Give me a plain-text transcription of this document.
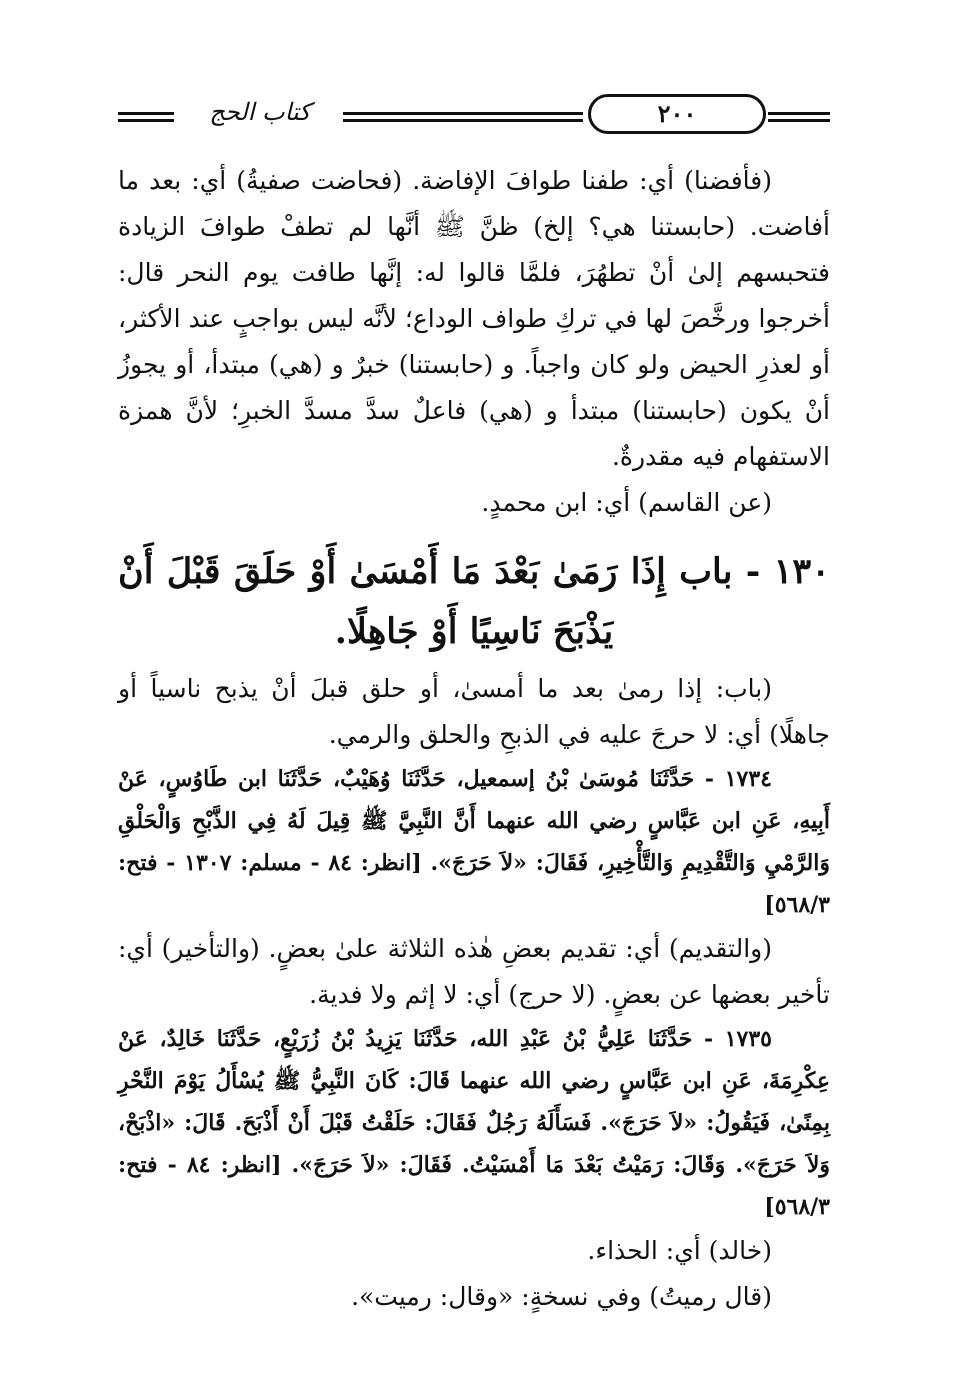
كتاب الحج	٢٠٠

(فأفضنا) أي: طفنا طوافَ الإفاضة. (فحاضت صفيةُ) أي: بعد ما أفاضت. (حابستنا هي؟ إلخ) ظنَّ ﷺ أنَّها لم تطفْ طوافَ الزيادة فتحبسهم إلىٰ أنْ تطهُرَ، فلمَّا قالوا له: إنَّها طافت يوم النحر قال: أخرجوا ورخَّصَ لها في تركِ طواف الوداع؛ لأنَّه ليس بواجبٍ عند الأكثر، أو لعذرِ الحيض ولو كان واجباً. و (حابستنا) خبرٌ و (هي) مبتدأ، أو يجوزُ أنْ يكون (حابستنا) مبتدأ و (هي) فاعلٌ سدَّ مسدَّ الخبرِ؛ لأنَّ همزة الاستفهام فيه مقدرةٌ.

(عن القاسم) أي: ابن محمدٍ.

١٣٠ - باب إِذَا رَمَىٰ بَعْدَ مَا أَمْسَىٰ أَوْ حَلَقَ قَبْلَ أَنْ يَذْبَحَ نَاسِيًا أَوْ جَاهِلًا.

(باب: إذا رمىٰ بعد ما أمسىٰ، أو حلق قبلَ أنْ يذبح ناسياً أو جاهلًا) أي: لا حرجَ عليه في الذبحِ والحلق والرمي.

١٧٣٤ - حَدَّثَنَا مُوسَىٰ بْنُ إسمعيل، حَدَّثَنَا وُهَيْبٌ، حَدَّثَنَا ابن طَاوُسٍ، عَنْ أَبِيهِ، عَنِ ابن عَبَّاسٍ رضي الله عنهما أَنَّ النَّبِيَّ ﷺ قِيلَ لَهُ فِي الذَّبْحِ وَالْحَلْقِ وَالرَّمْيِ وَالتَّقْدِيمِ وَالتَّأْخِيرِ، فَقَالَ: «لاَ حَرَجَ». [انظر: ٨٤ - مسلم: ١٣٠٧ - فتح: ٥٦٨/٣]

(والتقديم) أي: تقديم بعضِ هٰذه الثلاثة علىٰ بعضٍ. (والتأخير) أي: تأخير بعضها عن بعضٍ. (لا حرج) أي: لا إثم ولا فدية.

١٧٣٥ - حَدَّثَنَا عَلِيُّ بْنُ عَبْدِ الله، حَدَّثَنَا يَزِيدُ بْنُ زُرَيْعٍ، حَدَّثَنَا خَالِدٌ، عَنْ عِكْرِمَةَ، عَنِ ابن عَبَّاسٍ رضي الله عنهما قَالَ: كَانَ النَّبِيُّ ﷺ يُسْأَلُ يَوْمَ النَّحْرِ بِمِنًىٰ، فَيَقُولُ: «لاَ حَرَجَ». فَسَأَلَهُ رَجُلٌ فَقَالَ: حَلَقْتُ قَبْلَ أَنْ أَذْبَحَ. قَالَ: «اذْبَحْ، وَلاَ حَرَجَ». وَقَالَ: رَمَيْتُ بَعْدَ مَا أَمْسَيْتُ. فَقَالَ: «لاَ حَرَجَ». [انظر: ٨٤ - فتح: ٥٦٨/٣]

(خالد) أي: الحذاء.

(قال رميتُ) وفي نسخةٍ: «وقال: رميت».
